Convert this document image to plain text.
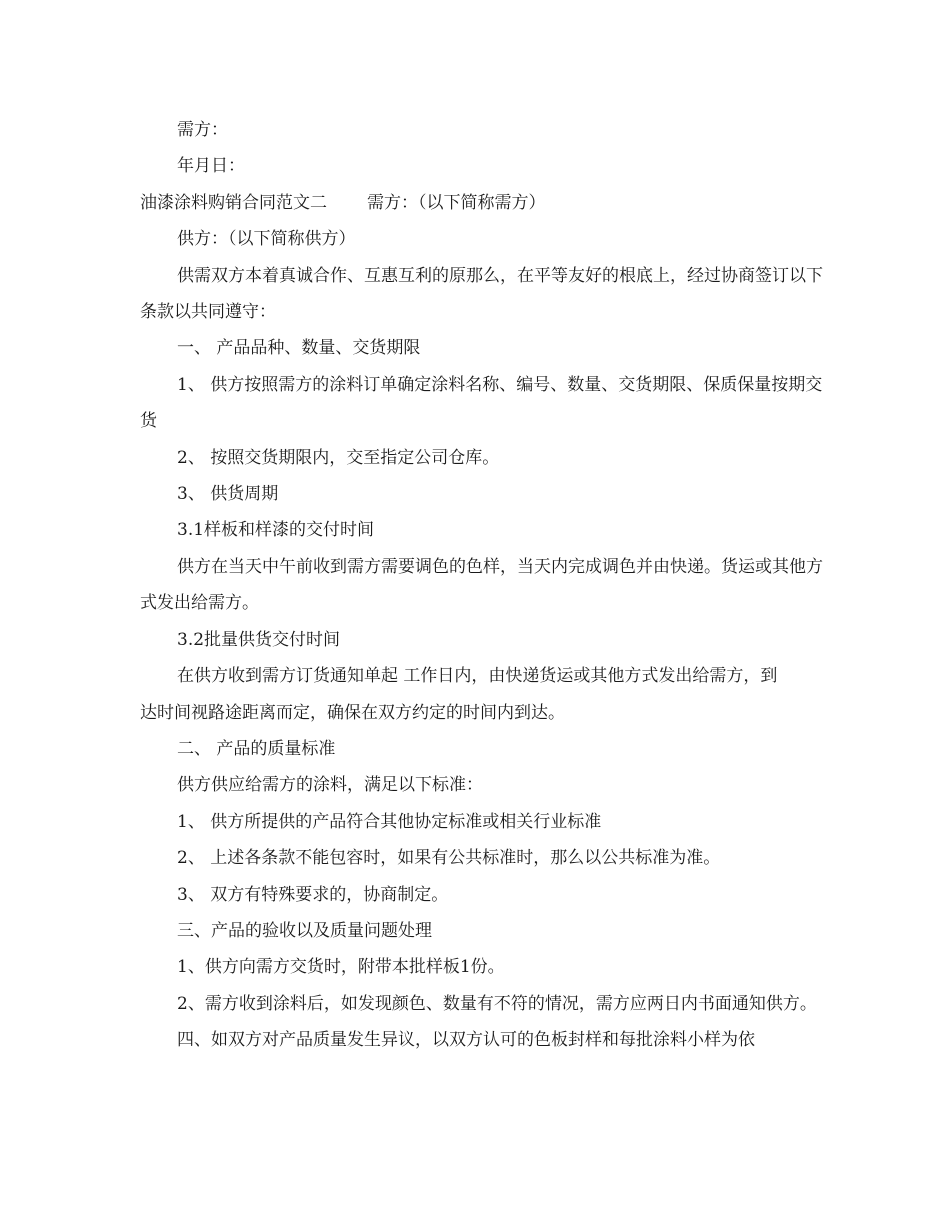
需方：

年月日：

油漆涂料购销合同范文二 需方：（以下简称需方）

供方：（以下简称供方）

供需双方本着真诚合作、互惠互利的原那么，在平等友好的根底上，经过协商签订以下条款以共同遵守：

一、 产品品种、数量、交货期限

1、 供方按照需方的涂料订单确定涂料名称、编号、数量、交货期限、保质保量按期交货

2、 按照交货期限内，交至指定公司仓库。

3、 供货周期

3.1样板和样漆的交付时间

供方在当天中午前收到需方需要调色的色样，当天内完成调色并由快递。货运或其他方式发出给需方。

3.2批量供货交付时间

在供方收到需方订货通知单起 工作日内，由快递货运或其他方式发出给需方，到达时间视路途距离而定，确保在双方约定的时间内到达。

二、 产品的质量标准

供方供应给需方的涂料，满足以下标准：

1、 供方所提供的产品符合其他协定标准或相关行业标准

2、 上述各条款不能包容时，如果有公共标准时，那么以公共标准为准。

3、 双方有特殊要求的，协商制定。

三、产品的验收以及质量问题处理

1、供方向需方交货时，附带本批样板1份。

2、需方收到涂料后，如发现颜色、数量有不符的情况，需方应两日内书面通知供方。

四、如双方对产品质量发生异议，以双方认可的色板封样和每批涂料小样为依
